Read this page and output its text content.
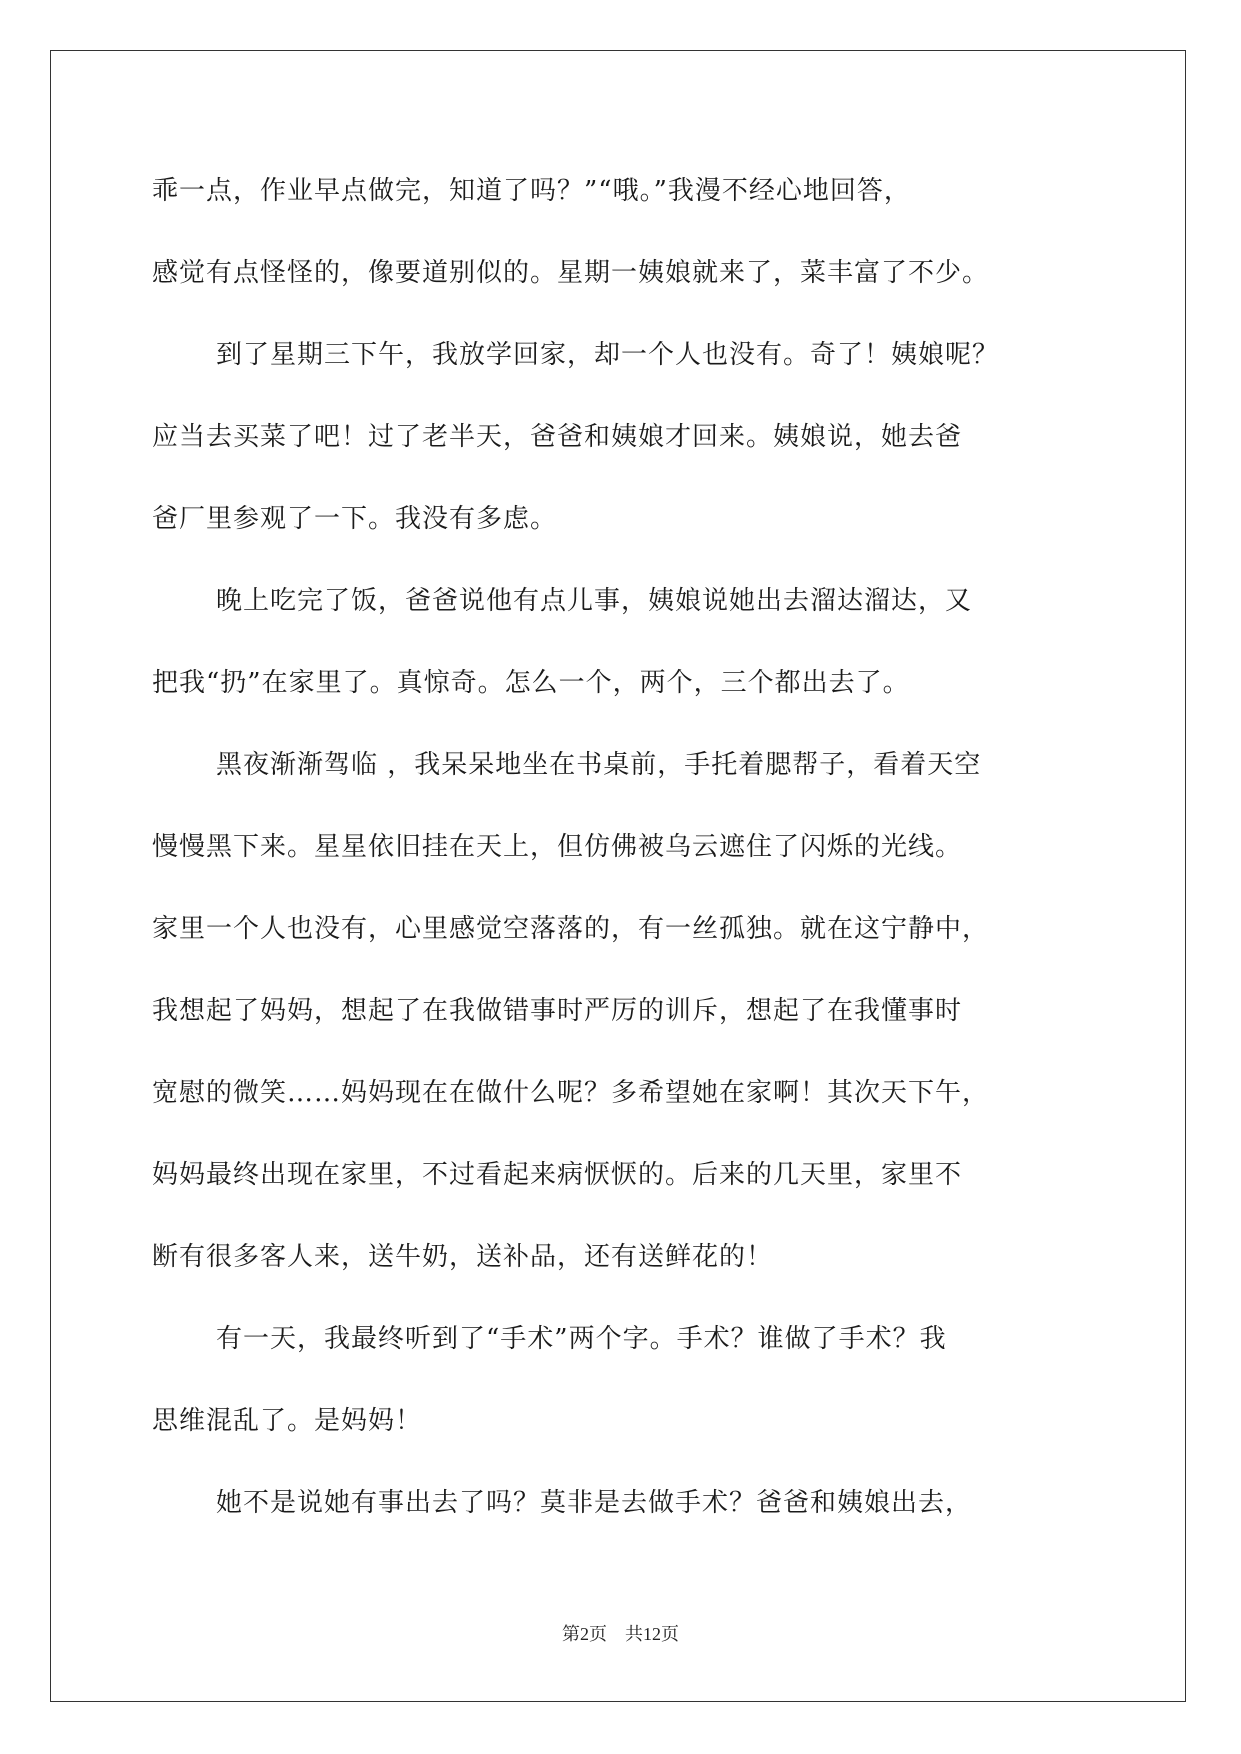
乖一点，作业早点做完，知道了吗？”“哦。”我漫不经心地回答，
感觉有点怪怪的，像要道别似的。星期一姨娘就来了，菜丰富了不少。
到了星期三下午，我放学回家，却一个人也没有。奇了！姨娘呢？
应当去买菜了吧！过了老半天，爸爸和姨娘才回来。姨娘说，她去爸
爸厂里参观了一下。我没有多虑。
晚上吃完了饭，爸爸说他有点儿事，姨娘说她出去溜达溜达，又
把我“扔”在家里了。真惊奇。怎么一个，两个，三个都出去了。
黑夜渐渐驾临 ，我呆呆地坐在书桌前，手托着腮帮子，看着天空
慢慢黑下来。星星依旧挂在天上，但仿佛被乌云遮住了闪烁的光线。
家里一个人也没有，心里感觉空落落的，有一丝孤独。就在这宁静中，
我想起了妈妈，想起了在我做错事时严厉的训斥，想起了在我懂事时
宽慰的微笑……妈妈现在在做什么呢？多希望她在家啊！其次天下午，
妈妈最终出现在家里，不过看起来病恹恹的。后来的几天里，家里不
断有很多客人来，送牛奶，送补品，还有送鲜花的！
有一天，我最终听到了“手术”两个字。手术？谁做了手术？我
思维混乱了。是妈妈！
她不是说她有事出去了吗？莫非是去做手术？爸爸和姨娘出去，
第2页 共12页
